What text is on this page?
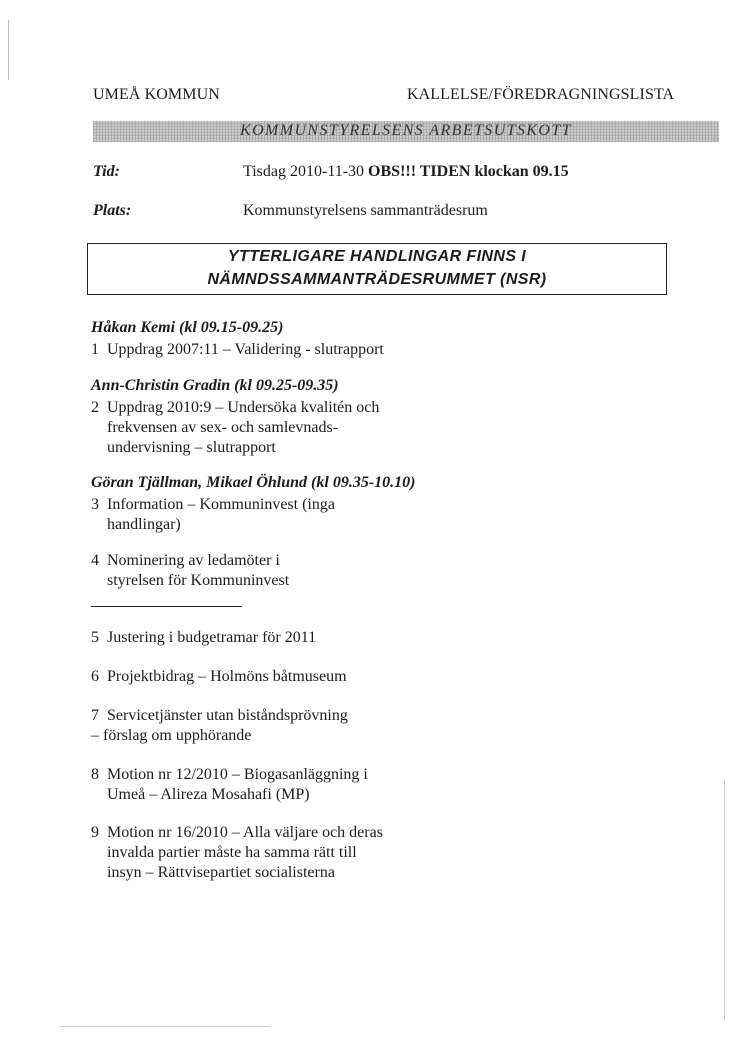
UMEÅ KOMMUN	KALLELSE/FÖREDRAGNINGSLISTA
KOMMUNSTYRELSENS ARBETSUTSKOTT
Tid:	Tisdag 2010-11-30 OBS!!! TIDEN klockan 09.15
Plats:	Kommunstyrelsens sammanträdesrum
YTTERLIGARE HANDLINGAR FINNS I
NÄMNDSSAMMANTRÄDESRUMMET (NSR)
Håkan Kemi (kl 09.15-09.25)
1 Uppdrag 2007:11 – Validering - slutrapport
Ann-Christin Gradin (kl 09.25-09.35)
2 Uppdrag 2010:9 – Undersöka kvalitén och
frekvensen av sex- och samlevnads-
undervisning – slutrapport
Göran Tjällman, Mikael Öhlund (kl 09.35-10.10)
3 Information – Kommuninvest (inga
handlingar)
4 Nominering av ledamöter i
styrelsen för Kommuninvest
5 Justering i budgetramar för 2011
6 Projektbidrag – Holmöns båtmuseum
7 Servicetjänster utan biståndsprövning
– förslag om upphörande
8 Motion nr 12/2010 – Biogasanläggning i
Umeå – Alireza Mosahafi (MP)
9 Motion nr 16/2010 – Alla väljare och deras
invalda partier måste ha samma rätt till
insyn – Rättvisepartiet socialisterna
